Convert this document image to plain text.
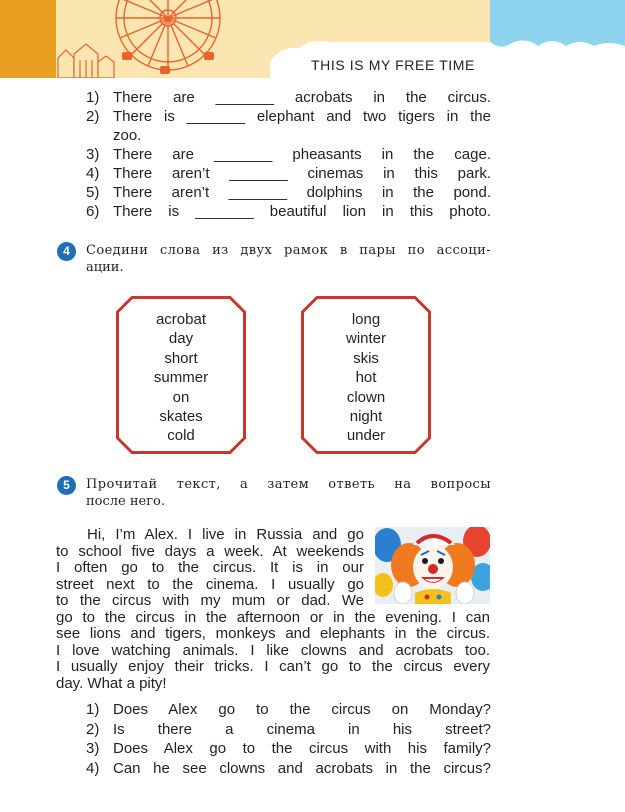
THIS IS MY FREE TIME	93
1) There are _______ acrobats in the circus.
2) There is _______ elephant and two tigers in the
zoo.
3) There are _______ pheasants in the cage.
4) There aren’t _______ cinemas in this park.
5) There aren’t _______ dolphins in the pond.
6) There is _______ beautiful lion in this photo.
4	Соедини слова из двух рамок в пары по ассоци-
ации.
acrobat
day
short
summer
on
skates
cold
long
winter
skis
hot
clown
night
under
5	Прочитай текст, а затем ответь на вопросы
после него.
Hi, I’m Alex. I live in Russia and go
to school five days a week. At weekends
I often go to the circus. It is in our
street next to the cinema. I usually go
to the circus with my mum or dad. We
go to the circus in the afternoon or in the evening. I can
see lions and tigers, monkeys and elephants in the circus.
I love watching animals. I like clowns and acrobats too.
I usually enjoy their tricks. I can’t go to the circus every
day. What a pity!
1) Does Alex go to the circus on Monday?
2) Is there a cinema in his street?
3) Does Alex go to the circus with his family?
4) Can he see clowns and acrobats in the circus?
